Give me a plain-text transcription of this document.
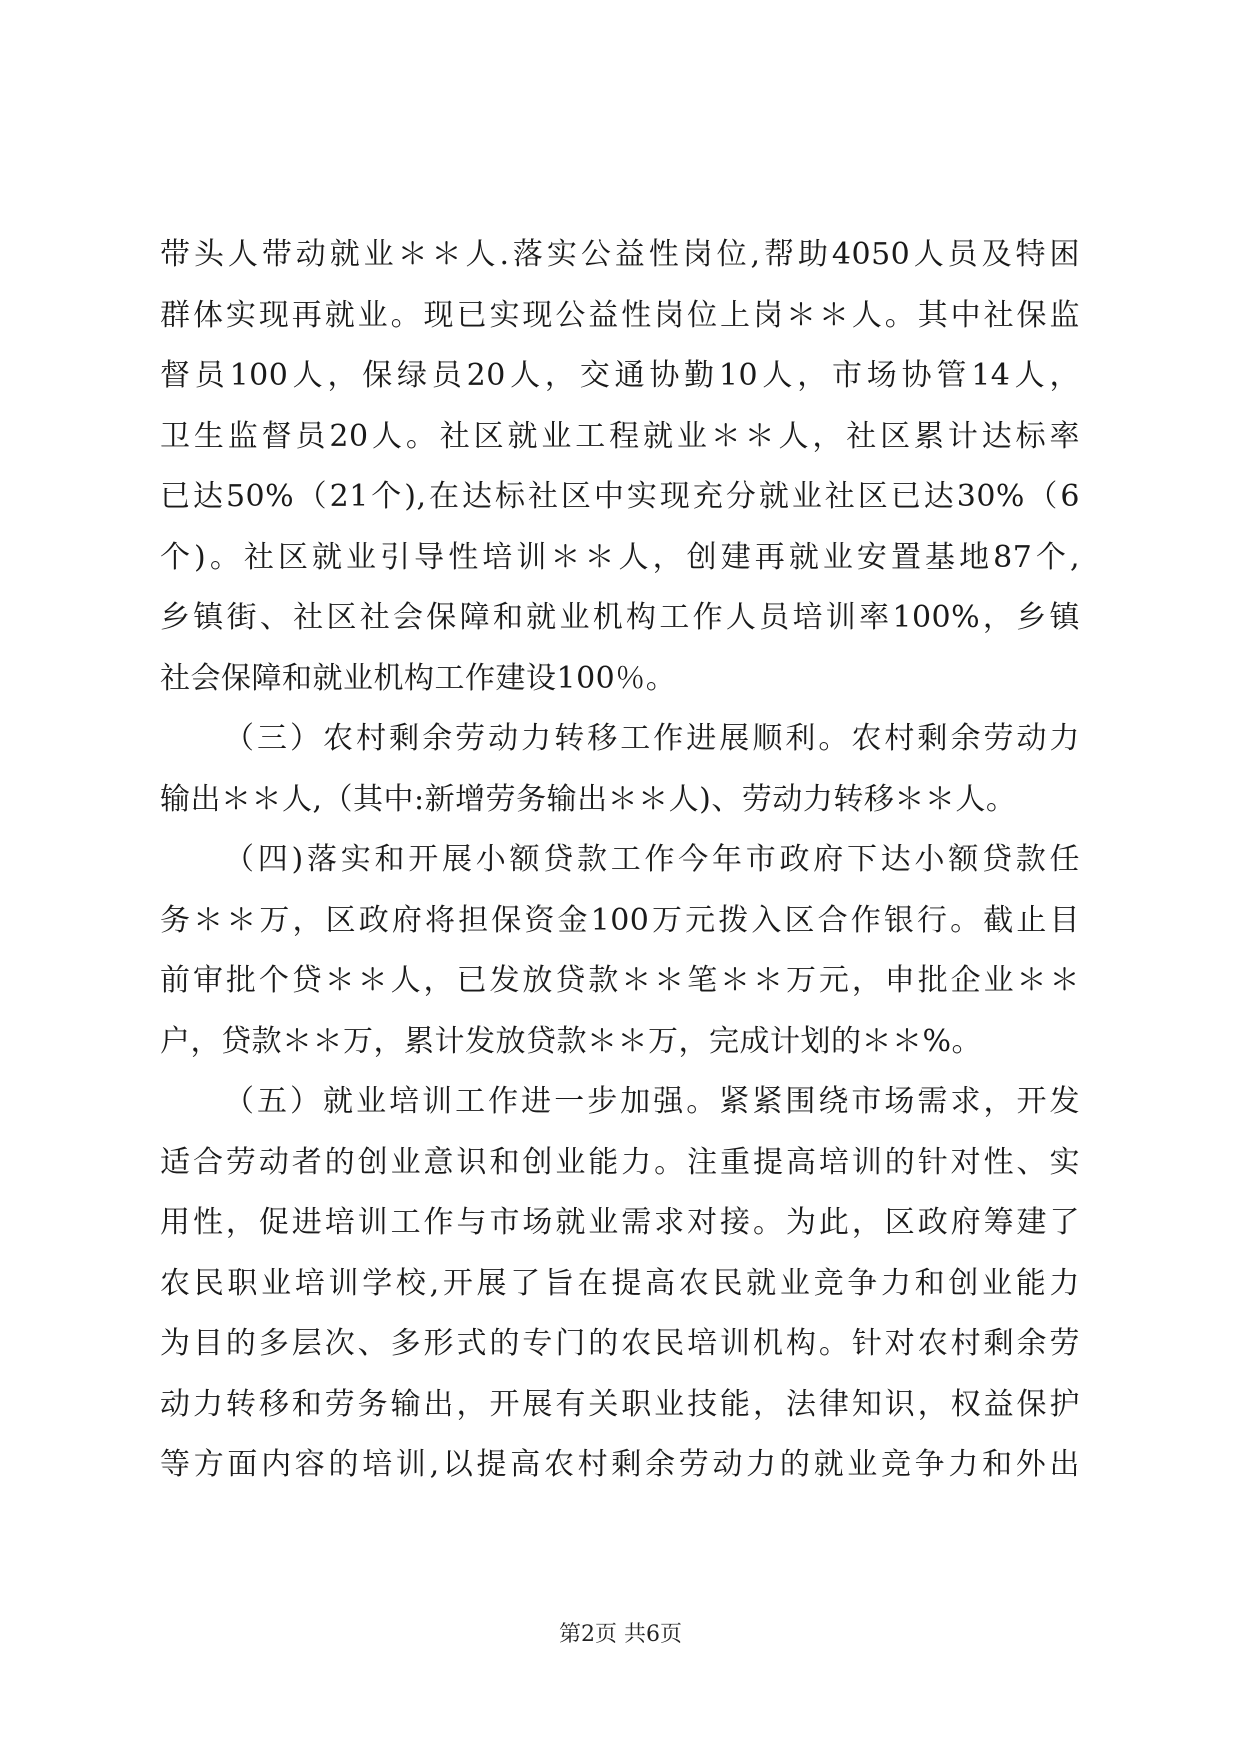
带头人带动就业＊＊人.落实公益性岗位,帮助4050人员及特困
群体实现再就业。现已实现公益性岗位上岗＊＊人。其中社保监
督员100人，保绿员20人，交通协勤10人，市场协管14人，
卫生监督员20人。社区就业工程就业＊＊人，社区累计达标率
已达50%（21个),在达标社区中实现充分就业社区已达30%（6
个)。社区就业引导性培训＊＊人，创建再就业安置基地87个,
乡镇街、社区社会保障和就业机构工作人员培训率100%，乡镇
社会保障和就业机构工作建设100％。
（三）农村剩余劳动力转移工作进展顺利。农村剩余劳动力
输出＊＊人,（其中:新增劳务输出＊＊人)、劳动力转移＊＊人。
（四)落实和开展小额贷款工作今年市政府下达小额贷款任
务＊＊万，区政府将担保资金100万元拨入区合作银行。截止目
前审批个贷＊＊人，已发放贷款＊＊笔＊＊万元，申批企业＊＊
户，贷款＊＊万，累计发放贷款＊＊万，完成计划的＊＊%。
（五）就业培训工作进一步加强。紧紧围绕市场需求，开发
适合劳动者的创业意识和创业能力。注重提高培训的针对性、实
用性，促进培训工作与市场就业需求对接。为此，区政府筹建了
农民职业培训学校,开展了旨在提高农民就业竞争力和创业能力
为目的多层次、多形式的专门的农民培训机构。针对农村剩余劳
动力转移和劳务输出，开展有关职业技能，法律知识，权益保护
等方面内容的培训,以提高农村剩余劳动力的就业竞争力和外出
第2页 共6页
